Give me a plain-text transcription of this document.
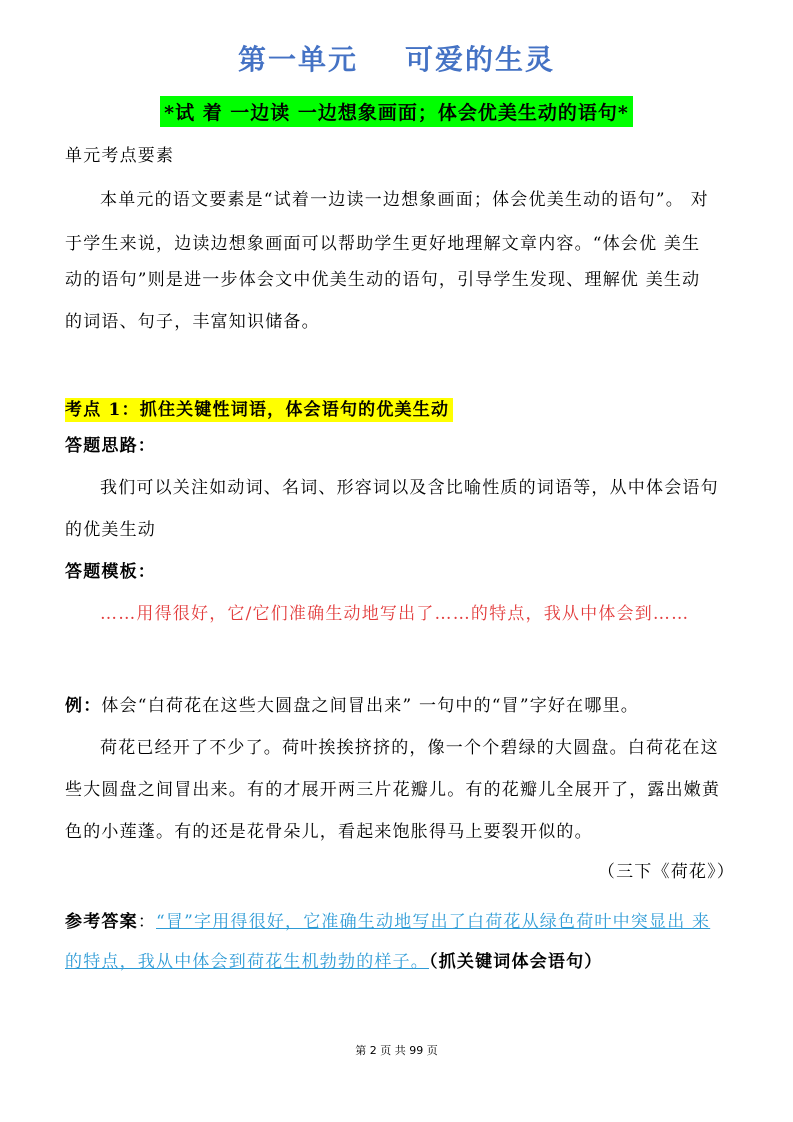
第一单元    可爱的生灵
*试 着 一边读 一边想象画面；体会优美生动的语句*
单元考点要素
本单元的语文要素是“试着一边读一边想象画面；体会优美生动的语句”。 对
于学生来说，边读边想象画面可以帮助学生更好地理解文章内容。“体会优 美生
动的语句”则是进一步体会文中优美生动的语句，引导学生发现、理解优 美生动
的词语、句子，丰富知识储备。
考点 1：抓住关键性词语，体会语句的优美生动
答题思路：
我们可以关注如动词、名词、形容词以及含比喻性质的词语等，从中体会语句
的优美生动
答题模板：
……用得很好，它/它们准确生动地写出了……的特点，我从中体会到……
例：体会“白荷花在这些大圆盘之间冒出来” 一句中的“冒”字好在哪里。
荷花已经开了不少了。荷叶挨挨挤挤的，像一个个碧绿的大圆盘。白荷花在这
些大圆盘之间冒出来。有的才展开两三片花瓣儿。有的花瓣儿全展开了，露出嫩黄
色的小莲蓬。有的还是花骨朵儿，看起来饱胀得马上要裂开似的。
（三下《荷花》）
参考答案：“冒”字用得很好，它准确生动地写出了白荷花从绿色荷叶中突显出 来
的特点，我从中体会到荷花生机勃勃的样子。（抓关键词体会语句）
第 2 页 共 99 页
